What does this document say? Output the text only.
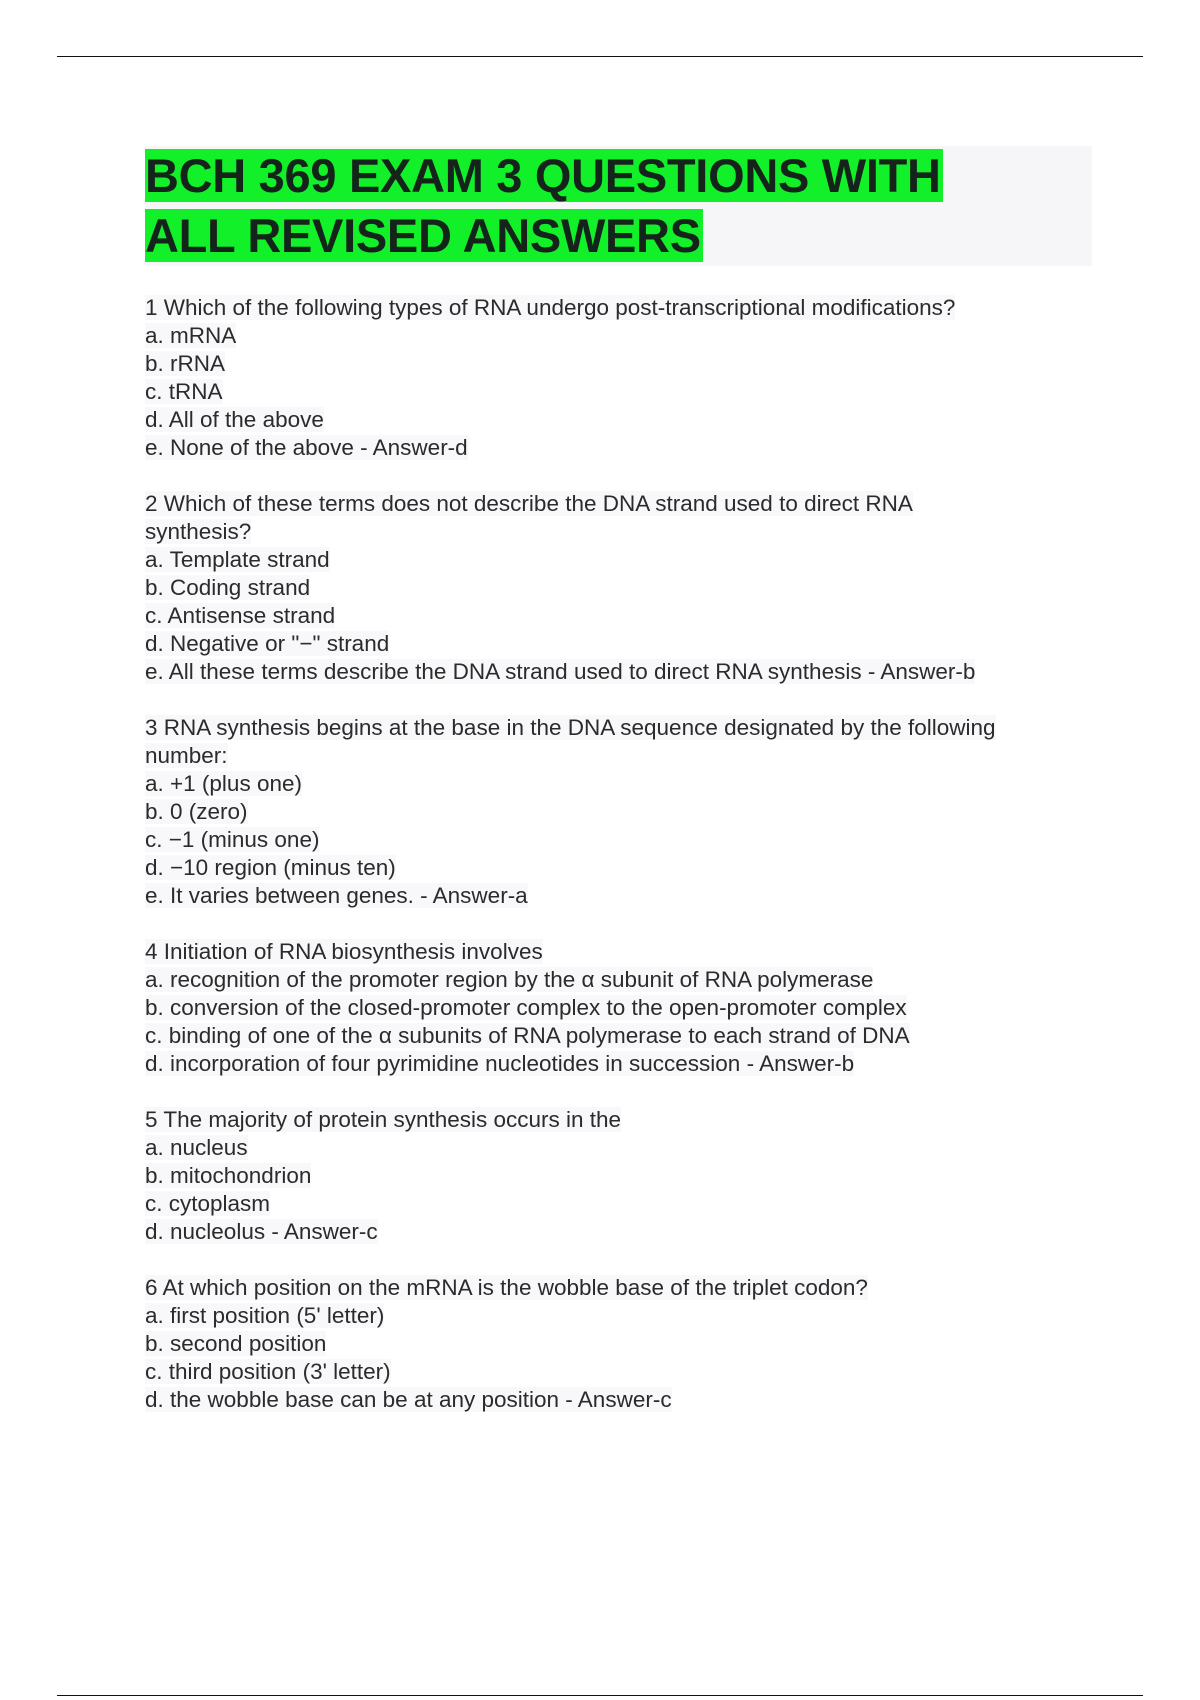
BCH 369 EXAM 3 QUESTIONS WITH
ALL REVISED ANSWERS
1 Which of the following types of RNA undergo post-transcriptional modifications?
a. mRNA
b. rRNA
c. tRNA
d. All of the above
e. None of the above - Answer-d
2 Which of these terms does not describe the DNA strand used to direct RNA
synthesis?
a. Template strand
b. Coding strand
c. Antisense strand
d. Negative or "−" strand
e. All these terms describe the DNA strand used to direct RNA synthesis - Answer-b
3 RNA synthesis begins at the base in the DNA sequence designated by the following
number:
a. +1 (plus one)
b. 0 (zero)
c. −1 (minus one)
d. −10 region (minus ten)
e. It varies between genes. - Answer-a
4 Initiation of RNA biosynthesis involves
a. recognition of the promoter region by the α subunit of RNA polymerase
b. conversion of the closed-promoter complex to the open-promoter complex
c. binding of one of the α subunits of RNA polymerase to each strand of DNA
d. incorporation of four pyrimidine nucleotides in succession - Answer-b
5 The majority of protein synthesis occurs in the
a. nucleus
b. mitochondrion
c. cytoplasm
d. nucleolus - Answer-c
6 At which position on the mRNA is the wobble base of the triplet codon?
a. first position (5' letter)
b. second position
c. third position (3' letter)
d. the wobble base can be at any position - Answer-c
